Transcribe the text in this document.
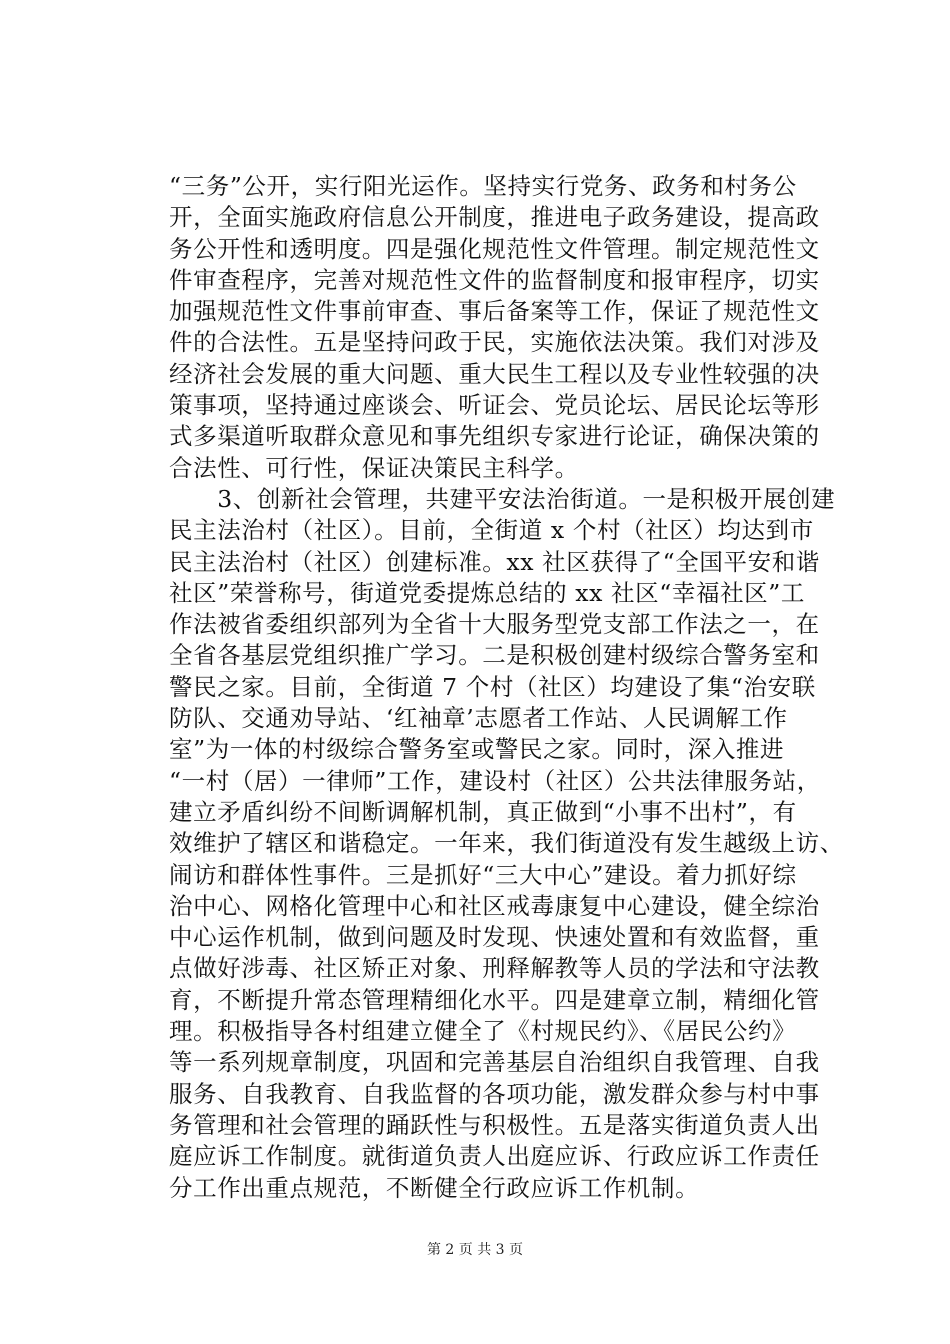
“三务”公开，实行阳光运作。坚持实行党务、政务和村务公
开，全面实施政府信息公开制度，推进电子政务建设，提高政
务公开性和透明度。四是强化规范性文件管理。制定规范性文
件审查程序，完善对规范性文件的监督制度和报审程序，切实
加强规范性文件事前审查、事后备案等工作，保证了规范性文
件的合法性。五是坚持问政于民，实施依法决策。我们对涉及
经济社会发展的重大问题、重大民生工程以及专业性较强的决
策事项，坚持通过座谈会、听证会、党员论坛、居民论坛等形
式多渠道听取群众意见和事先组织专家进行论证，确保决策的
合法性、可行性，保证决策民主科学。
　　3、创新社会管理，共建平安法治街道。一是积极开展创建
民主法治村（社区）。目前，全街道 x 个村（社区）均达到市
民主法治村（社区）创建标准。xx 社区获得了“全国平安和谐
社区”荣誉称号，街道党委提炼总结的 xx 社区“幸福社区”工
作法被省委组织部列为全省十大服务型党支部工作法之一，在
全省各基层党组织推广学习。二是积极创建村级综合警务室和
警民之家。目前，全街道 7 个村（社区）均建设了集“治安联
防队、交通劝导站、‘红袖章’志愿者工作站、人民调解工作
室”为一体的村级综合警务室或警民之家。同时，深入推进
“一村（居）一律师”工作，建设村（社区）公共法律服务站，
建立矛盾纠纷不间断调解机制，真正做到“小事不出村”，有
效维护了辖区和谐稳定。一年来，我们街道没有发生越级上访、
闹访和群体性事件。三是抓好“三大中心”建设。着力抓好综
治中心、网格化管理中心和社区戒毒康复中心建设，健全综治
中心运作机制，做到问题及时发现、快速处置和有效监督，重
点做好涉毒、社区矫正对象、刑释解教等人员的学法和守法教
育，不断提升常态管理精细化水平。四是建章立制，精细化管
理。积极指导各村组建立健全了《村规民约》、《居民公约》
等一系列规章制度，巩固和完善基层自治组织自我管理、自我
服务、自我教育、自我监督的各项功能，激发群众参与村中事
务管理和社会管理的踊跃性与积极性。五是落实街道负责人出
庭应诉工作制度。就街道负责人出庭应诉、行政应诉工作责任
分工作出重点规范，不断健全行政应诉工作机制。
第 2 页 共 3 页
